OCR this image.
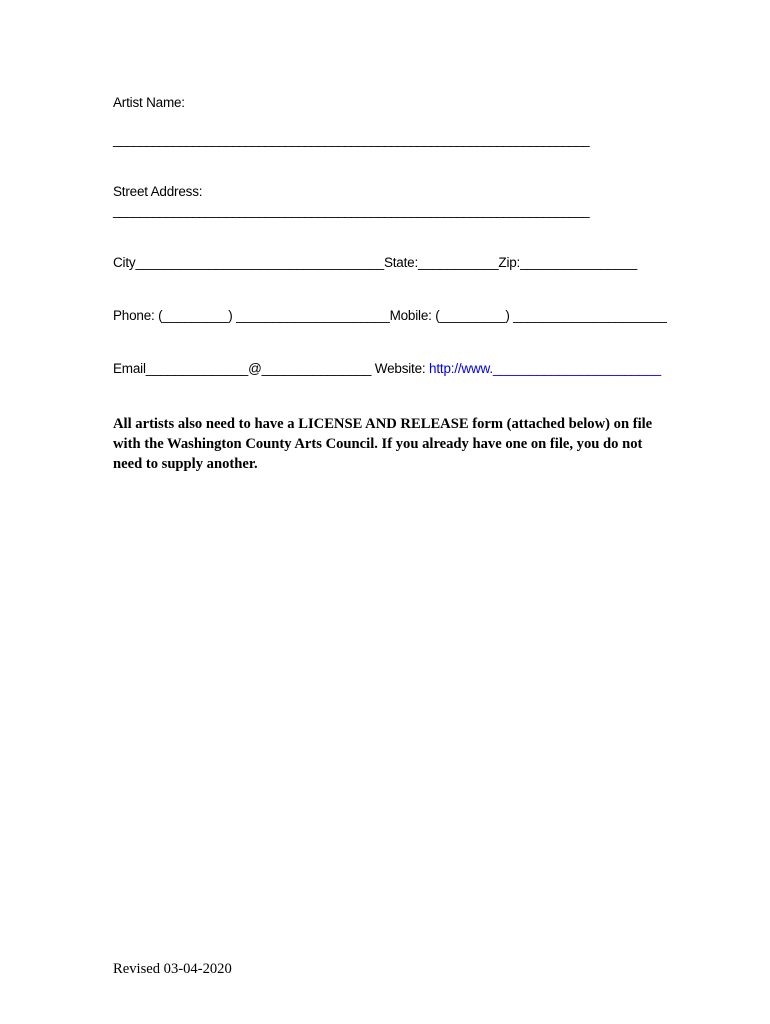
Artist Name:
________________________________________________________________________
Street Address:
________________________________________________________________________
City__________________________________State:___________Zip:________________
Phone: (_________) _____________________Mobile: (_________) _____________________
Email______________@_______________ Website: http://www._______________________
All artists also need to have a LICENSE AND RELEASE form (attached below) on file with the Washington County Arts Council. If you already have one on file, you do not need to supply another.
Revised 03-04-2020
